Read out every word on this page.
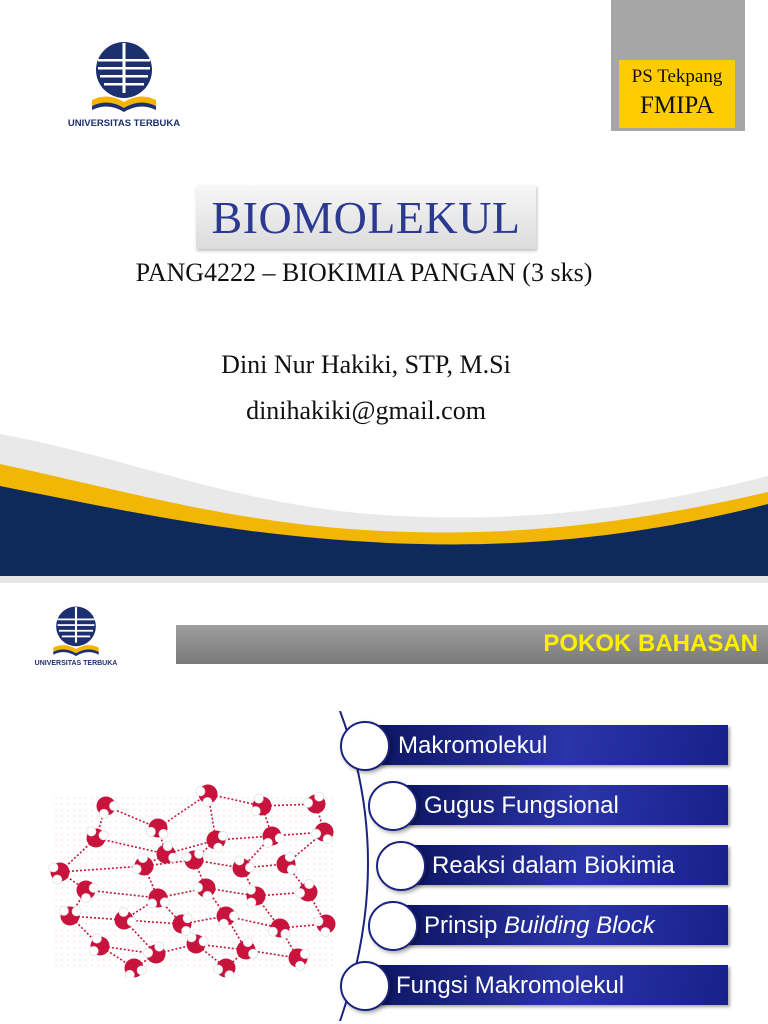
UNIVERSITAS TERBUKA
PS Tekpang
FMIPA
BIOMOLEKUL
PANG4222 – BIOKIMIA PANGAN (3 sks)
Dini Nur Hakiki, STP, M.Si
dinihakiki@gmail.com
UNIVERSITAS TERBUKA
POKOK BAHASAN
Makromolekul
Gugus Fungsional
Reaksi dalam Biokimia
Prinsip Building Block
Fungsi Makromolekul
